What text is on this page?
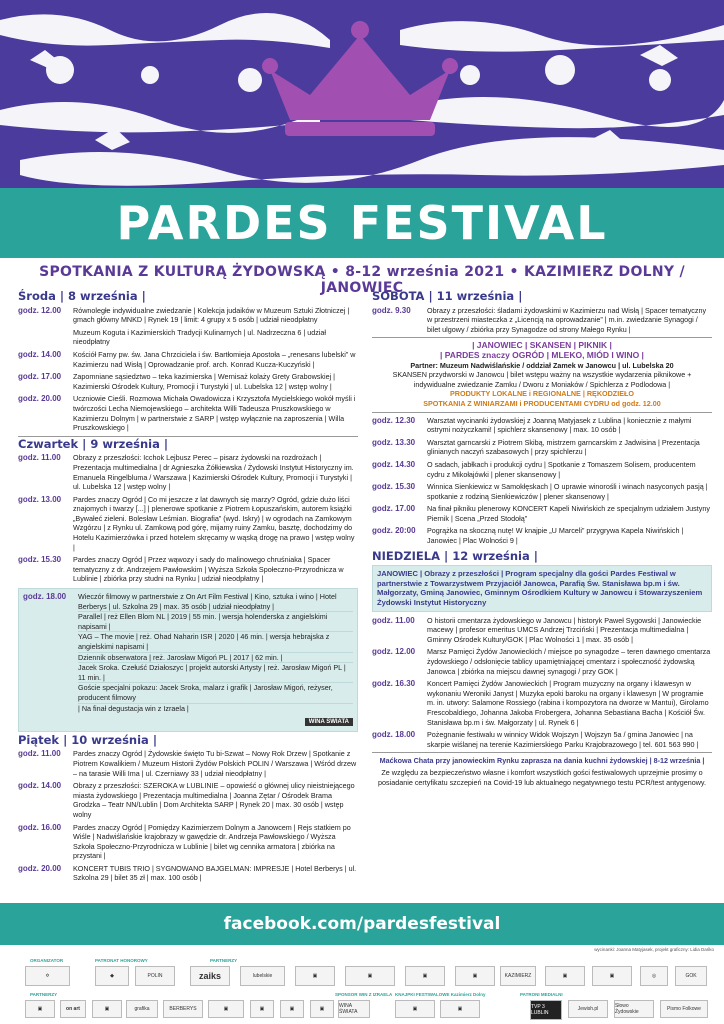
PARDES FESTIVAL
SPOTKANIA Z KULTURĄ ŻYDOWSKĄ • 8-12 września 2021 • KAZIMIERZ DOLNY / JANOWIEC
Środa | 8 września |
godz. 12.00	Równoległe indywidualne zwiedzanie | Kolekcja judaików w Muzeum Sztuki Złotniczej | gmach główny MNKD | Rynek 19 | limit: 4 grupy x 5 osób | udział nieodpłatny
Muzeum Kogutа i Kazimierskich Tradycji Kulinarnych | ul. Nadrzeczna 6 | udział nieodpłatny
godz. 14.00	Kościół Farny pw. św. Jana Chrzciciela i św. Bartłomieja Apostoła – „renesans lubelski” w Kazimierzu nad Wisłą | Oprowadzanie prof. arch. Konrad Kucza-Kuczyński |
godz. 17.00	Zapomniane sąsiedztwo – teka kazimierska | Wernisaż kolaży Grety Grabowskiej | Kazimierski Ośrodek Kultury, Promocji i Turystyki | ul. Lubelska 12 | wstęp wolny |
godz. 20.00	Uczniowie Cieśli. Rozmowa Michała Owadowicza i Krzysztofa Mycielskiego wokół myśli i twórczości Lecha Niemojewskiego – architekta Willi Tadeusza Pruszkowskiego w Kazimierzu Dolnym | w partnerstwie z SARP | wstęp wyłącznie na zaproszenia | Willa Pruszkowskiego |
Czwartek | 9 września |
godz. 11.00	Obrazy z przeszłości: Icchok Lejbusz Perec – pisarz żydowski na rozdrożach | Prezentacja multimedialna | dr Agnieszka Żółkiewska / Żydowski Instytut Historyczny im. Emanuela Ringelbluma / Warszawa | Kazimierski Ośrodek Kultury, Promocji i Turystyki | ul. Lubelska 12 | wstęp wolny |
godz. 13.00	Pardes znaczy Ogród | Co mi jeszcze z lat dawnych się marzy? Ogród, gdzie dużo liści znajomych i twarzy [...] | plenerowe spotkanie z Piotrem Łopuszańskim, autorem książki „Bywałeć zieleni. Bolesław Leśmian. Biografia” (wyd. Iskry) | w ogrodach na Zamkowym Wzgórzu | z Rynku ul. Zamkową pod górę, mijamy ruiny Zamku, basztę, dochodzimy do Hotelu Kazimierzówka i przed hotelem skręcamy w wąską drogę na prawo | wstęp wolny |
godz. 15.30	Pardes znaczy Ogród | Przez wąwozy i sady do malinowego chruśniaka | Spacer tematyczny z dr. Andrzejem Pawłowskim | Wyższa Szkoła Społeczno-Przyrodnicza w Lublinie | zbiórka przy studni na Rynku | udział nieodpłatny |
godz. 18.00	Wieczór filmowy w partnerstwie z On Art Film Festival | Kino, sztuka i wino | Hotel Berberys | ul. Szkolna 29 | max. 35 osób | udział nieodpłatny |
Parallel | reż Ellen Blom NL | 2019 | 55 min. | wersja holenderska z angielskimi napisami |
YAG – The movie | reż. Ohad Naharin ISR | 2020 | 46 min. | wersja hebrajska z angielskimi napisami |
Dziennik obserwatora | reż. Jarosław Migoń PL | 2017 | 62 min. |
Jacek Sroka. Czełuść Działoszyc | projekt autorski Artysty | reż. Jarosław Migoń PL | 11 min. |
Goście specjalni pokazu: Jacek Sroka, malarz i grafik | Jarosław Migoń, reżyser, producent filmowy
| Na finał degustacja win z Izraela |
WINA ŚWIATA
Piątek | 10 września |
godz. 11.00	Pardes znaczy Ogród | Żydowskie święto Tu bi-Szwat – Nowy Rok Drzew | Spotkanie z Piotrem Kowalikiem / Muzeum Historii Żydów Polskich POLIN / Warszawa | Wśród drzew – na tarasie Willi Ima | ul. Czerniawy 33 | udział nieodpłatny |
godz. 14.00	Obrazy z przeszłości: SZEROKA w LUBLINIE – opowieść o głównej ulicy nieistniejącego miasta żydowskiego | Prezentacja multimedialna | Joanna Zętar / Ośrodek Brama Grodzka – Teatr NN/Lublin | Dom Architekta SARP | Rynek 20 | max. 30 osób | wstęp wolny
godz. 16.00	Pardes znaczy Ogród | Pomiędzy Kazimierzem Dolnym a Janowcem | Rejs statkiem po Wiśle | Nadwiślańskie krajobrazy w gawędzie dr. Andrzeja Pawłowskiego / Wyższa Szkoła Społeczno-Przyrodnicza w Lublinie | bilet wg cennika armatora | zbiórka na przystani |
godz. 20.00	KONCERT TUBIS TRIO | SYGNOWANO BAJGELMAN: IMPRESJE | Hotel Berberys | ul. Szkolna 29 | bilet 35 zł | max. 100 osób |
SOBOTA | 11 września |
godz. 9.30	Obrazy z przeszłości: śladami żydowskimi w Kazimierzu nad Wisłą | Spacer tematyczny w przestrzeni miasteczka z „Licencją na oprowadzanie” | m.in. zwiedzanie Synagogi / bilet ulgowy / zbiórka przy Synagodze od strony Małego Rynku |
| JANOWIEC | SKANSEN | PIKNIK |
| PARDES znaczy OGRÓD | MLEKO, MIÓD I WINO |
Partner: Muzeum Nadwiślańskie / oddział Zamek w Janowcu | ul. Lubelska 20
SKANSEN przydworski w Janowcu | bilet wstępu ważny na wszystkie wydarzenia piknikowe + indywidualne zwiedzanie Zamku / Dworu z Moniaków / Spichlerza z Podlodowa |
PRODUKTY LOKALNE i REGIONALNE | RĘKODZIEŁO
SPOTKANIA Z WINIARZAMI i PRODUCENTAMI CYDRU od godz. 12.00
godz. 12.30	Warsztat wycinanki żydowskiej z Joanną Matyjasek z Lublina | koniecznie z małymi ostrymi nożyczkami! | spichlerz skansenowy | max. 10 osób |
godz. 13.30	Warsztat garncarski z Piotrem Skibą, mistrzem garncarskim z Jadwisina | Prezentacja glinianych naczyń szabasowych | przy spichlerzu |
godz. 14.30	O sadach, jabłkach i produkcji cydru | Spotkanie z Tomaszem Solisem, producentem cydru z Mikołajówki | plener skansenowy |
godz. 15.30	Winnica Sienkiewicz w Samokłęskach | O uprawie winorośli i winach nasyconych pasją | spotkanie z rodziną Sienkiewiczów | plener skansenowy |
godz. 17.00	Na finał pikniku plenerowy KONCERT Kapeli Niwińskich ze specjalnym udziałem Justyny Piernik | Scena „Przed Stodołą”
godz. 20:00	Pogrążka na skoczną nutę! W knajpie „U Marceli” przygrywa Kapela Niwińskich | Janowiec | Plac Wolności 9 |
NIEDZIELA | 12 września |
JANOWIEC | Obrazy z przeszłości | Program specjalny dla gości Pardes Festiwal w partnerstwie z Towarzystwem Przyjaciół Janowca, Parafią Św. Stanisława bp.m i św. Małgorzaty, Gminą Janowiec, Gminnym Ośrodkiem Kultury w Janowcu i Stowarzyszeniem Żydowski Instytut Historyczny
godz. 11.00	O historii cmentarza żydowskiego w Janowcu | historyk Paweł Sygowski | Janowieckie macewy | profesor emeritus UMCS Andrzej Trzciński | Prezentacja multimedialna | Gminny Ośrodek Kultury/GOK | Plac Wolności 1 | max. 35 osób |
godz. 12.00	Marsz Pamięci Żydów Janowieckich / miejsce po synagodze – teren dawnego cmentarza żydowskiego / odsłonięcie tablicy upamiętniającej cmentarz i społeczność żydowską Janowca | zbiórka na miejscu dawnej synagogi / przy GOK |
godz. 16.30	Koncert Pamięci Żydów Janowieckich | Program muzyczny na organy i klawesyn w wykonaniu Weroniki Janyst | Muzyka epoki baroku na organy i klawesyn | W programie m. in. utwory: Salamone Rossiego (rabina i kompozytora na dworze w Mantui), Girolamo Frescobaldiego, Johanna Jakoba Frobergera, Johanna Sebastiana Bacha | Kościół Św. Stanisława bp.m i św. Małgorzaty | ul. Rynek 6 |
godz. 18.00	Pożegnanie festiwalu w winnicy Widok Wojszyn | Wojszyn 5a / gmina Janowiec | na skarpie wiślanej na terenie Kazimierskiego Parku Krajobrazowego | tel. 601 563 990 |
Maćkowa Chata przy janowieckim Rynku zaprasza na dania kuchni żydowskiej | 8-12 września |
Ze względu za bezpieczeństwo własne i komfort wszystkich gości festiwalowych uprzejmie prosimy o posiadanie certyfikatu szczepień na Covid-19 lub aktualnego negatywnego testu PCR/test antygenowy.
facebook.com/pardesfestival
wycinanki: Joanna Matyjasek, projekt graficzny: Lidia Dańko
ORGANIZATOR	PATRONAT HONOROWY	PARTNERZY
✡	◆	POLIN	zaiks	lubelskie	▣	▣	▣	▣	KAZIMIERZ	▣	▣	◎	GOK
PARTNERZY	SPONSOR WIN Z IZRAELA KNAJPKI FESTIWALOWE Kazimierz Dolny	PATRONI MEDIALNI
▣	on art	▣	grafika	BERBERYS	▣	▣	▣	▣	WINA ŚWIATA	▣	▣	TVP 3 LUBLIN
Jewish.pl	Słowo Żydowskie	Pismo Folkowe
